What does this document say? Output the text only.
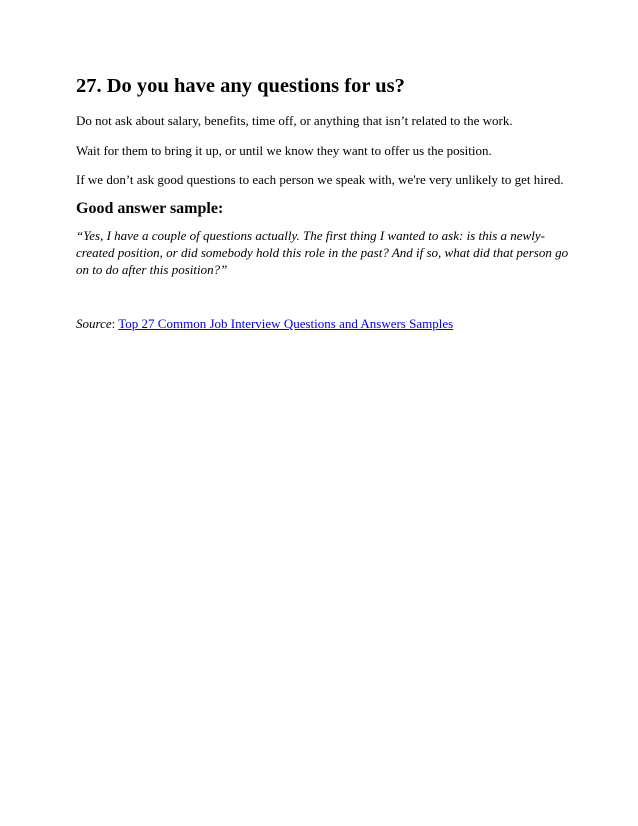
27. Do you have any questions for us?

Do not ask about salary, benefits, time off, or anything that isn’t related to the work.

Wait for them to bring it up, or until we know they want to offer us the position.

If we don’t ask good questions to each person we speak with, we're very unlikely to get hired.

Good answer sample:

“Yes, I have a couple of questions actually. The first thing I wanted to ask: is this a newly-
created position, or did somebody hold this role in the past? And if so, what did that person go
on to do after this position?”

Source: Top 27 Common Job Interview Questions and Answers Samples
